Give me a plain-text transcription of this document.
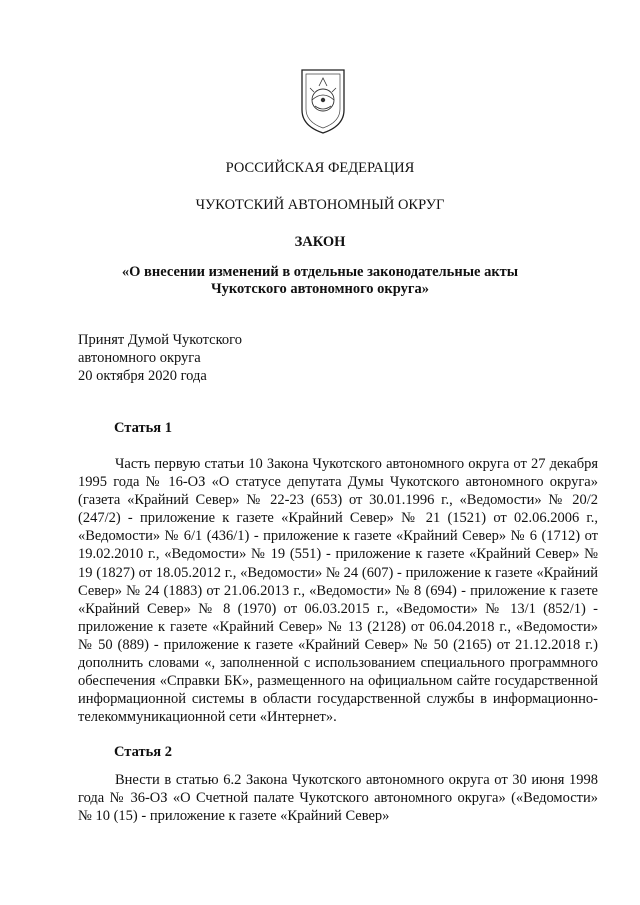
РОССИЙСКАЯ ФЕДЕРАЦИЯ
ЧУКОТСКИЙ АВТОНОМНЫЙ ОКРУГ
ЗАКОН
«О внесении изменений в отдельные законодательные акты
Чукотского автономного округа»
Принят Думой Чукотского
автономного округа
20 октября 2020 года
Статья 1
Часть первую статьи 10 Закона Чукотского автономного округа от 27 декабря 1995 года № 16-ОЗ «О статусе депутата Думы Чукотского автономного округа» (газета «Крайний Север» № 22-23 (653) от 30.01.1996 г., «Ведомости» № 20/2 (247/2) - приложение к газете «Крайний Север» № 21 (1521) от 02.06.2006 г., «Ведомости» № 6/1 (436/1) - приложение к газете «Крайний Север» № 6 (1712) от 19.02.2010 г., «Ведомости» № 19 (551) - приложение к газете «Крайний Север» № 19 (1827) от 18.05.2012 г., «Ведомости» № 24 (607) - приложение к газете «Крайний Север» № 24 (1883) от 21.06.2013 г., «Ведомости» № 8 (694) - приложение к газете «Крайний Север» № 8 (1970) от 06.03.2015 г., «Ведомости» № 13/1 (852/1) - приложение к газете «Крайний Север» № 13 (2128) от 06.04.2018 г., «Ведомости» № 50 (889) - приложение к газете «Крайний Север» № 50 (2165) от 21.12.2018 г.) дополнить словами «, заполненной с использованием специального программного обеспечения «Справки БК», размещенного на официальном сайте государственной информационной системы в области государственной службы в информационно-телекоммуникационной сети «Интернет».
Статья 2
Внести в статью 6.2 Закона Чукотского автономного округа от 30 июня 1998 года № 36-ОЗ «О Счетной палате Чукотского автономного округа» («Ведомости» № 10 (15) - приложение к газете «Крайний Север»
